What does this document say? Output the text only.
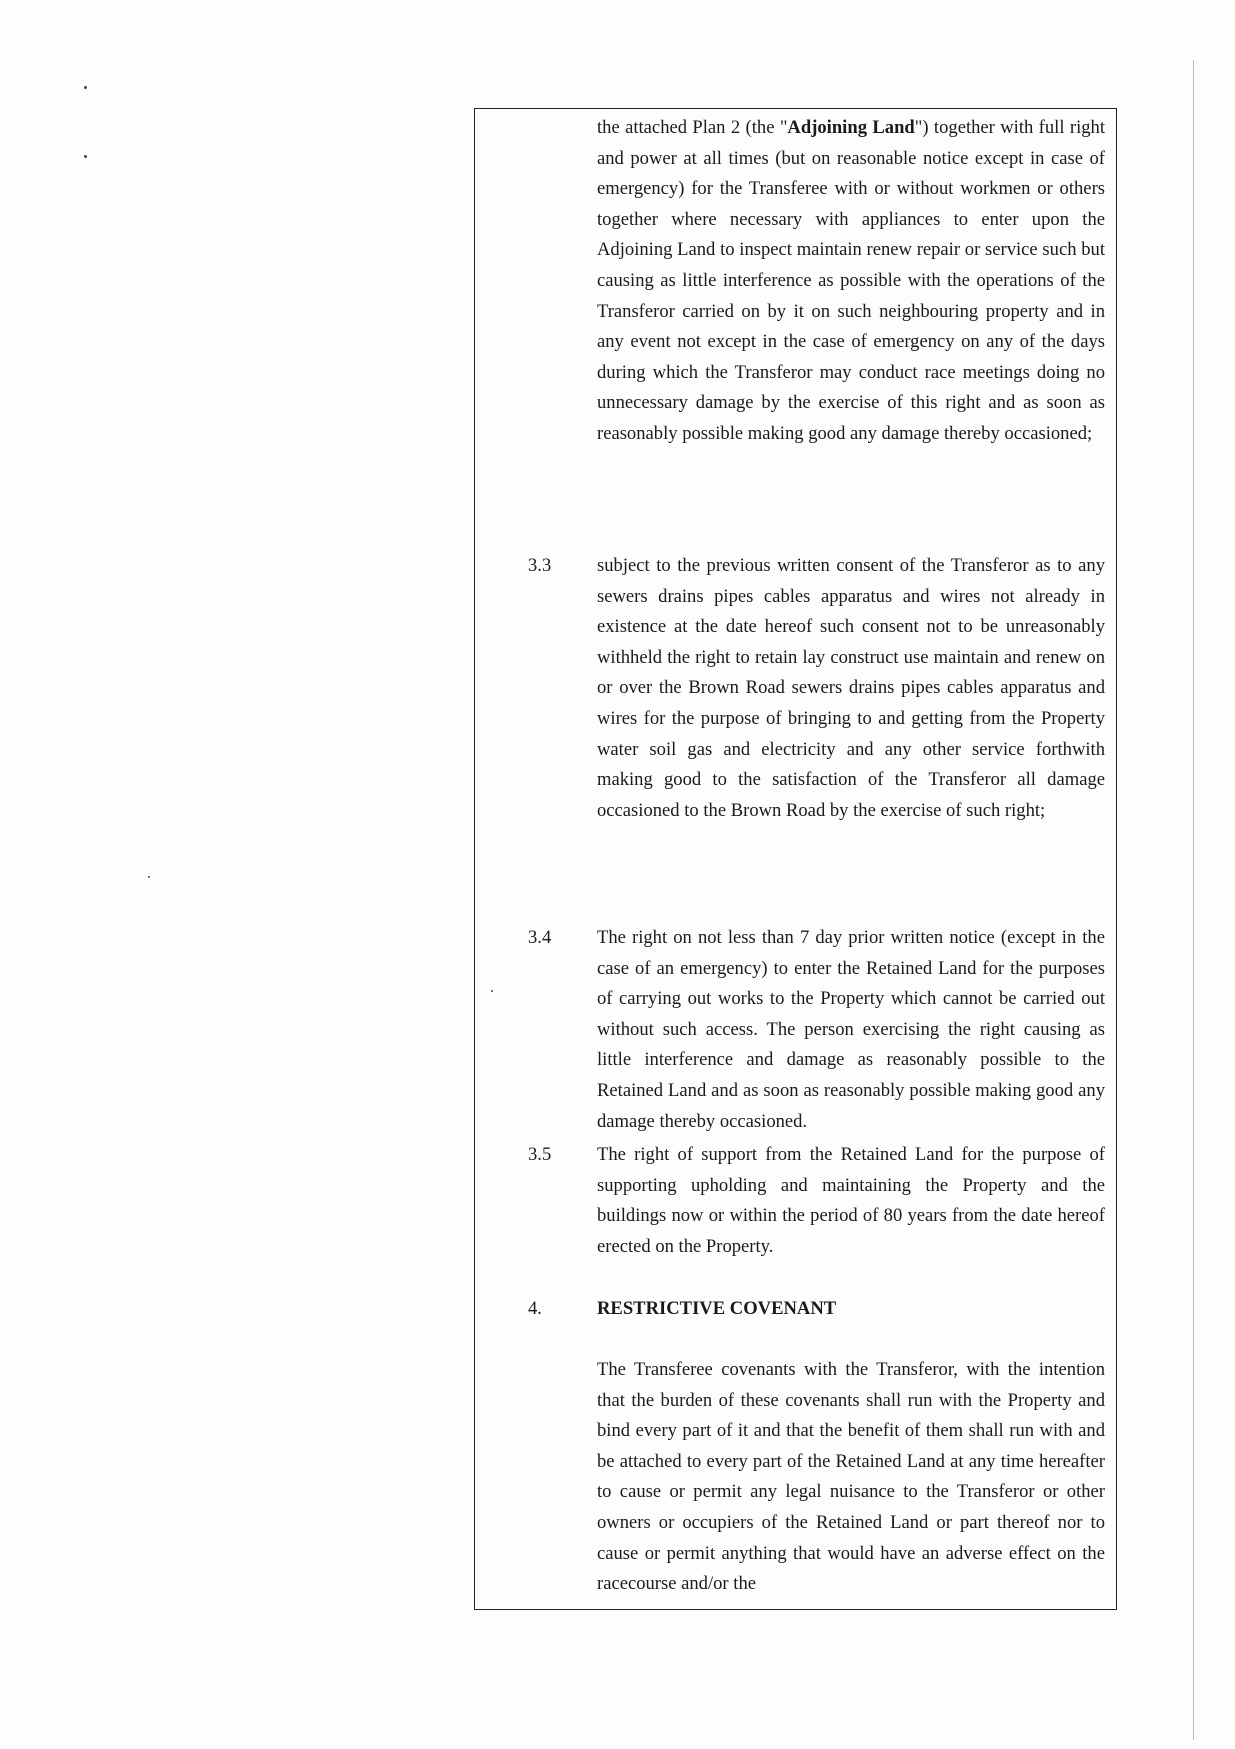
the attached Plan 2 (the "Adjoining Land") together with full right and power at all times (but on reasonable notice except in case of emergency) for the Transferee with or without workmen or others together where necessary with appliances to enter upon the Adjoining Land to inspect maintain renew repair or service such but causing as little interference as possible with the operations of the Transferor carried on by it on such neighbouring property and in any event not except in the case of emergency on any of the days during which the Transferor may conduct race meetings doing no unnecessary damage by the exercise of this right and as soon as reasonably possible making good any damage thereby occasioned;

3.3 subject to the previous written consent of the Transferor as to any sewers drains pipes cables apparatus and wires not already in existence at the date hereof such consent not to be unreasonably withheld the right to retain lay construct use maintain and renew on or over the Brown Road sewers drains pipes cables apparatus and wires for the purpose of bringing to and getting from the Property water soil gas and electricity and any other service forthwith making good to the satisfaction of the Transferor all damage occasioned to the Brown Road by the exercise of such right;

3.4 The right on not less than 7 day prior written notice (except in the case of an emergency) to enter the Retained Land for the purposes of carrying out works to the Property which cannot be carried out without such access. The person exercising the right causing as little interference and damage as reasonably possible to the Retained Land and as soon as reasonably possible making good any damage thereby occasioned.

3.5 The right of support from the Retained Land for the purpose of supporting upholding and maintaining the Property and the buildings now or within the period of 80 years from the date hereof erected on the Property.

4.	RESTRICTIVE COVENANT

The Transferee covenants with the Transferor, with the intention that the burden of these covenants shall run with the Property and bind every part of it and that the benefit of them shall run with and be attached to every part of the Retained Land at any time hereafter to cause or permit any legal nuisance to the Transferor or other owners or occupiers of the Retained Land or part thereof nor to cause or permit anything that would have an adverse effect on the racecourse and/or the
